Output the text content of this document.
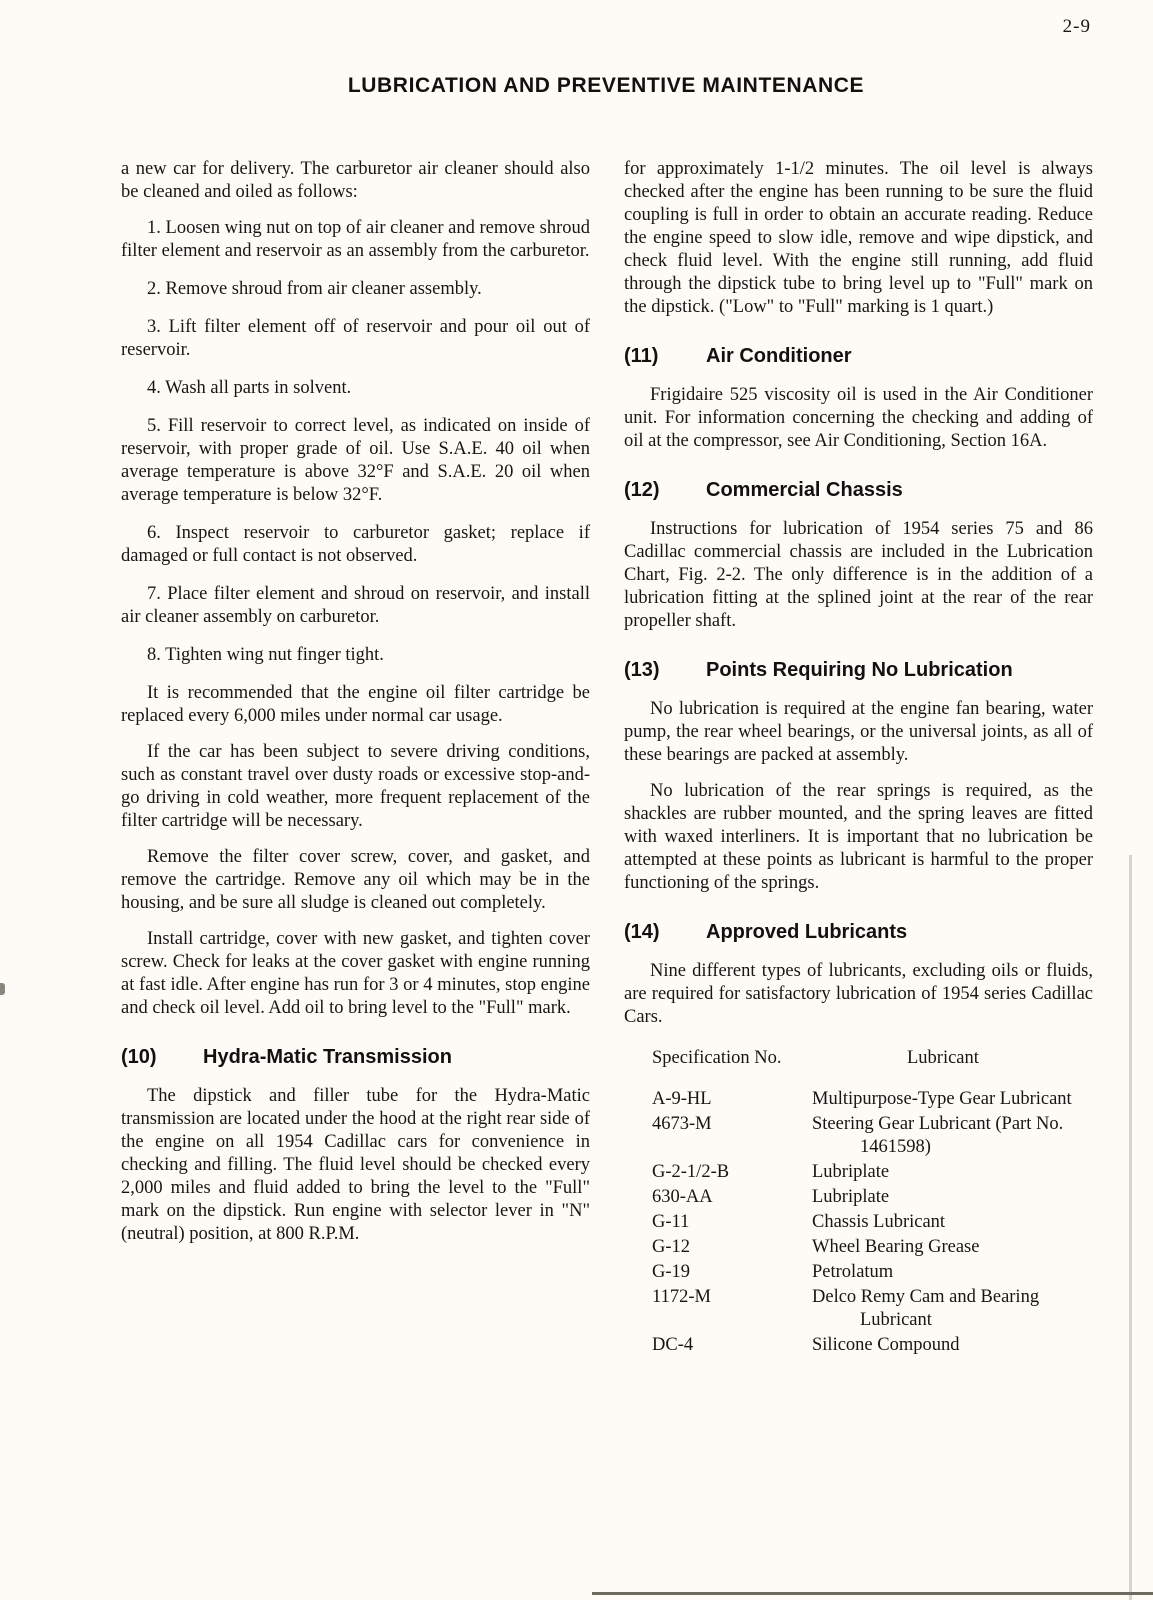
2-9
LUBRICATION AND PREVENTIVE MAINTENANCE

a new car for delivery. The carburetor air cleaner should also be cleaned and oiled as follows:

1. Loosen wing nut on top of air cleaner and remove shroud filter element and reservoir as an assembly from the carburetor.

2. Remove shroud from air cleaner assembly.

3. Lift filter element off of reservoir and pour oil out of reservoir.

4. Wash all parts in solvent.

5. Fill reservoir to correct level, as indicated on inside of reservoir, with proper grade of oil. Use S.A.E. 40 oil when average temperature is above 32°F and S.A.E. 20 oil when average temperature is below 32°F.

6. Inspect reservoir to carburetor gasket; replace if damaged or full contact is not observed.

7. Place filter element and shroud on reservoir, and install air cleaner assembly on carburetor.

8. Tighten wing nut finger tight.

It is recommended that the engine oil filter cartridge be replaced every 6,000 miles under normal car usage.

If the car has been subject to severe driving conditions, such as constant travel over dusty roads or excessive stop-and-go driving in cold weather, more frequent replacement of the filter cartridge will be necessary.

Remove the filter cover screw, cover, and gasket, and remove the cartridge. Remove any oil which may be in the housing, and be sure all sludge is cleaned out completely.

Install cartridge, cover with new gasket, and tighten cover screw. Check for leaks at the cover gasket with engine running at fast idle. After engine has run for 3 or 4 minutes, stop engine and check oil level. Add oil to bring level to the "Full" mark.

(10)	Hydra-Matic Transmission

The dipstick and filler tube for the Hydra-Matic transmission are located under the hood at the right rear side of the engine on all 1954 Cadillac cars for convenience in checking and filling. The fluid level should be checked every 2,000 miles and fluid added to bring the level to the "Full" mark on the dipstick. Run engine with selector lever in "N" (neutral) position, at 800 R.P.M.

for approximately 1-1/2 minutes. The oil level is always checked after the engine has been running to be sure the fluid coupling is full in order to obtain an accurate reading. Reduce the engine speed to slow idle, remove and wipe dipstick, and check fluid level. With the engine still running, add fluid through the dipstick tube to bring level up to "Full" mark on the dipstick. ("Low" to "Full" marking is 1 quart.)

(11)	Air Conditioner

Frigidaire 525 viscosity oil is used in the Air Conditioner unit. For information concerning the checking and adding of oil at the compressor, see Air Conditioning, Section 16A.

(12)	Commercial Chassis

Instructions for lubrication of 1954 series 75 and 86 Cadillac commercial chassis are included in the Lubrication Chart, Fig. 2-2. The only difference is in the addition of a lubrication fitting at the splined joint at the rear of the rear propeller shaft.

(13)	Points Requiring No Lubrication

No lubrication is required at the engine fan bearing, water pump, the rear wheel bearings, or the universal joints, as all of these bearings are packed at assembly.

No lubrication of the rear springs is required, as the shackles are rubber mounted, and the spring leaves are fitted with waxed interliners. It is important that no lubrication be attempted at these points as lubricant is harmful to the proper functioning of the springs.

(14)	Approved Lubricants

Nine different types of lubricants, excluding oils or fluids, are required for satisfactory lubrication of 1954 series Cadillac Cars.

Specification No.	Lubricant
A-9-HL	Multipurpose-Type Gear Lubricant
4673-M	Steering Gear Lubricant (Part No. 1461598)
G-2-1/2-B	Lubriplate
630-AA	Lubriplate
G-11	Chassis Lubricant
G-12	Wheel Bearing Grease
G-19	Petrolatum
1172-M	Delco Remy Cam and Bearing Lubricant
DC-4	Silicone Compound
